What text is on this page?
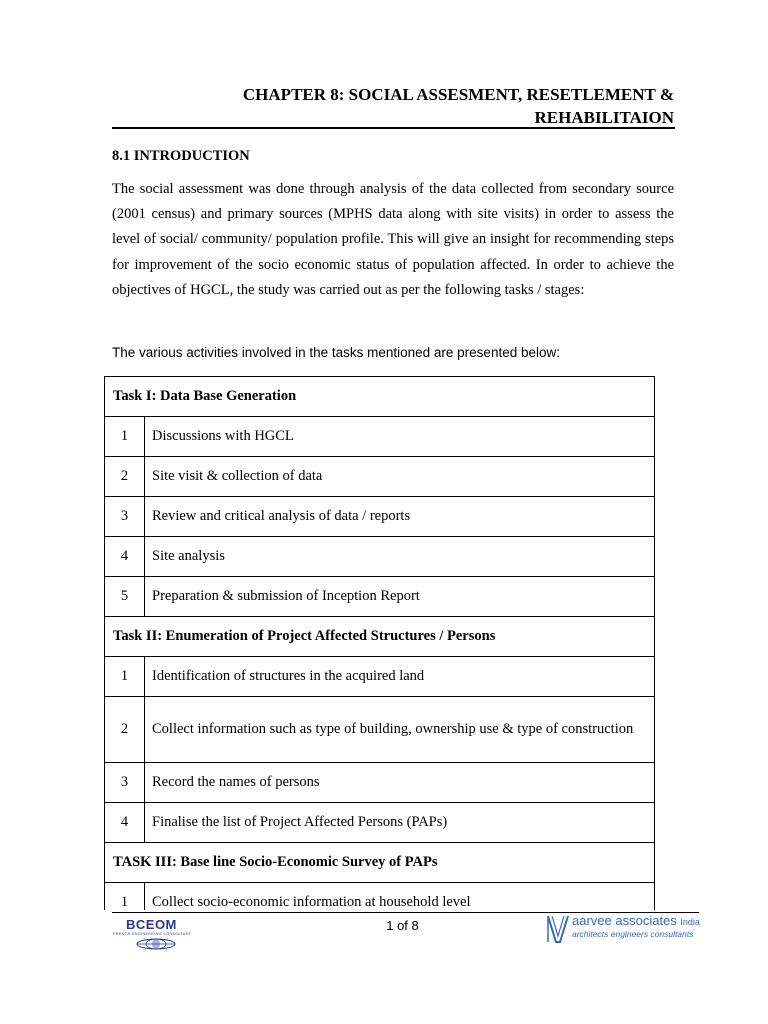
CHAPTER 8: SOCIAL ASSESMENT, RESETLEMENT &
REHABILITAION
8.1 INTRODUCTION

The social assessment was done through analysis of the data collected from secondary source (2001 census) and primary sources (MPHS data along with site visits) in order to assess the level of social/ community/ population profile. This will give an insight for recommending steps for improvement of the socio economic status of population affected. In order to achieve the objectives of HGCL, the study was carried out as per the following tasks / stages:

The various activities involved in the tasks mentioned are presented below:
Task I: Data Base Generation	
1	Discussions with HGCL
2	Site visit & collection of data
3	Review and critical analysis of data / reports
4	Site analysis
5	Preparation & submission of Inception Report
Task II: Enumeration of Project Affected Structures / Persons	
1	Identification of structures in the acquired land
2	Collect information such as type of building, ownership use & type of construction
3	Record the names of persons
4	Finalise the list of Project Affected Persons (PAPs)
TASK III: Base line Socio-Economic Survey of PAPs	
1	Collect socio-economic information at household level
BCEOM
FRENCH ENGINEERING CONSULTANT
1 of 8	aarvee associates India
architects engineers consultants
